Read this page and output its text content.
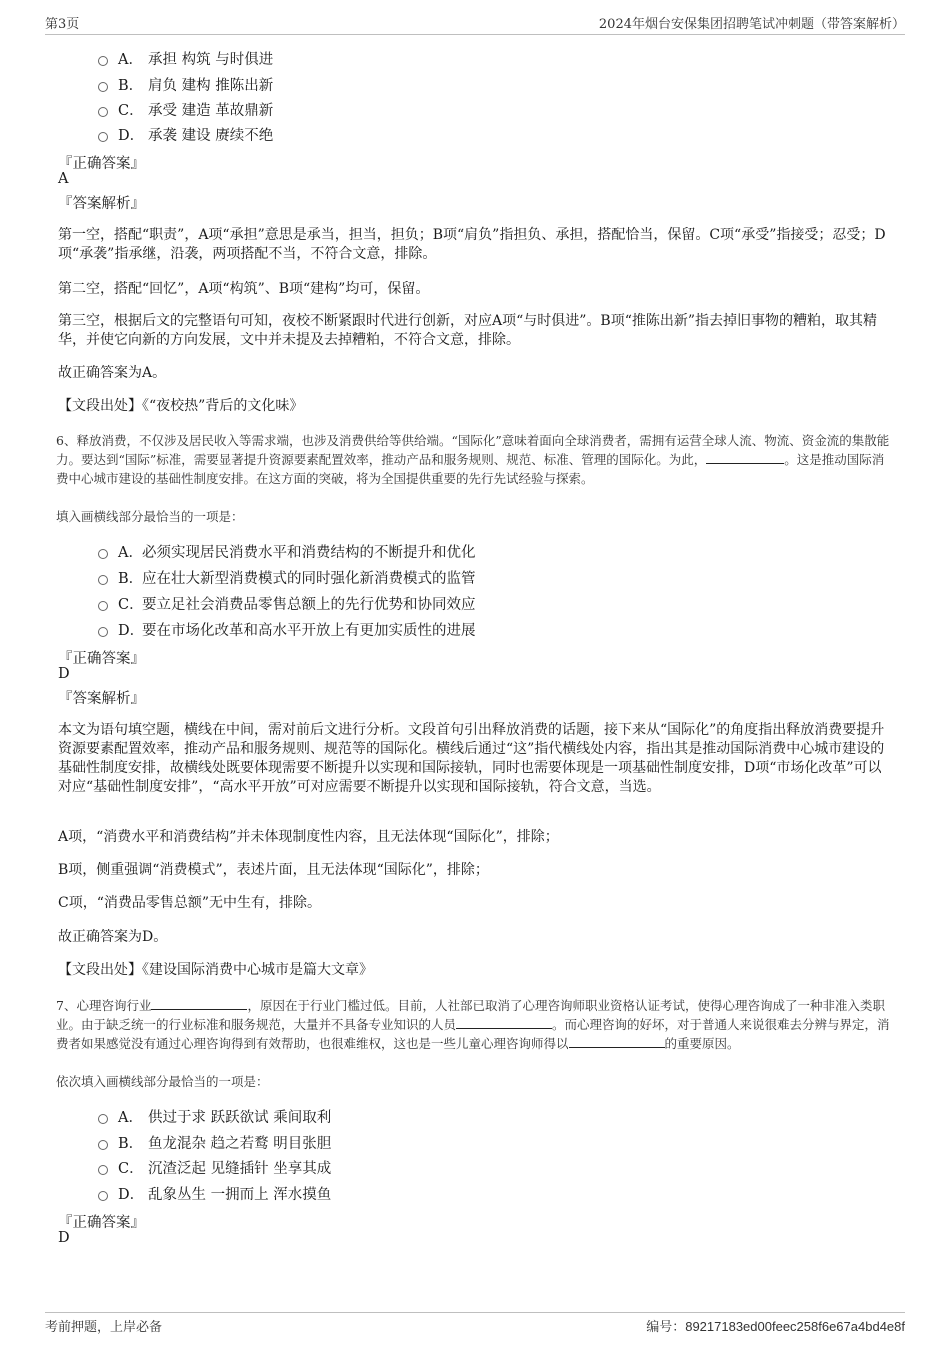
第3页	2024年烟台安保集团招聘笔试冲刺题（带答案解析）
A． 承担 构筑 与时俱进
B． 肩负 建构 推陈出新
C． 承受 建造 革故鼎新
D． 承袭 建设 赓续不绝
『正确答案』
A
『答案解析』
第一空，搭配“职责”，A项“承担”意思是承当，担当，担负；B项“肩负”指担负、承担，搭配恰当，保留。C项“承受”指接受；忍受；D项“承袭”指承继，沿袭，两项搭配不当，不符合文意，排除。
第二空，搭配“回忆”，A项“构筑”、B项“建构”均可，保留。
第三空，根据后文的完整语句可知，夜校不断紧跟时代进行创新，对应A项“与时俱进”。B项“推陈出新”指去掉旧事物的糟粕，取其精华，并使它向新的方向发展，文中并未提及去掉糟粕，不符合文意，排除。
故正确答案为A。
【文段出处】《“夜校热”背后的文化味》
6、释放消费，不仅涉及居民收入等需求端，也涉及消费供给等供给端。“国际化”意味着面向全球消费者，需拥有运营全球人流、物流、资金流的集散能力。要达到“国际”标准，需要显著提升资源要素配置效率，推动产品和服务规则、规范、标准、管理的国际化。为此，	。这是推动国际消费中心城市建设的基础性制度安排。在这方面的突破，将为全国提供重要的先行先试经验与探索。
填入画横线部分最恰当的一项是：
A． 必须实现居民消费水平和消费结构的不断提升和优化
B．
应在壮大新型消费模式的同时强化新消费模式的监管
C．
要立足社会消费品零售总额上的先行优势和协同效应
D．
要在市场化改革和高水平开放上有更加实质性的进展
『正确答案』
D
『答案解析』
本文为语句填空题，横线在中间，需对前后文进行分析。文段首句引出释放消费的话题，接下来从“国际化”的角度指出释放消费要提升资源要素配置效率，推动产品和服务规则、规范等的国际化。横线后通过“这”指代横线处内容，指出其是推动国际消费中心城市建设的基础性制度安排，故横线处既要体现需要不断提升以实现和国际接轨，同时也需要体现是一项基础性制度安排，D项“市场化改革”可以对应“基础性制度安排”，“高水平开放”可对应需要不断提升以实现和国际接轨，符合文意，当选。
A项，“消费水平和消费结构”并未体现制度性内容，且无法体现“国际化”，排除；
B项，侧重强调“消费模式”，表述片面，且无法体现“国际化”，排除；
C项，“消费品零售总额”无中生有，排除。
故正确答案为D。
【文段出处】《建设国际消费中心城市是篇大文章》
7、心理咨询行业	，原因在于行业门槛过低。目前，人社部已取消了心理咨询师职业资格认证考试，使得心理咨询成了一种非准入类职业。由于缺乏统一的行业标准和服务规范，大量并不具备专业知识的人员	。而心理咨询的好坏，对于普通人来说很难去分辨与界定，消费者如果感觉没有通过心理咨询得到有效帮助，也很难维权，这也是一些儿童心理咨询师得以	的重要原因。
依次填入画横线部分最恰当的一项是：
A． 供过于求 跃跃欲试 乘间取利
B． 鱼龙混杂 趋之若鹜 明目张胆
C． 沉渣泛起 见缝插针 坐享其成
D． 乱象丛生 一拥而上 浑水摸鱼
『正确答案』
D
考前押题，上岸必备	编号：89217183ed00feec258f6e67a4bd4e8f
